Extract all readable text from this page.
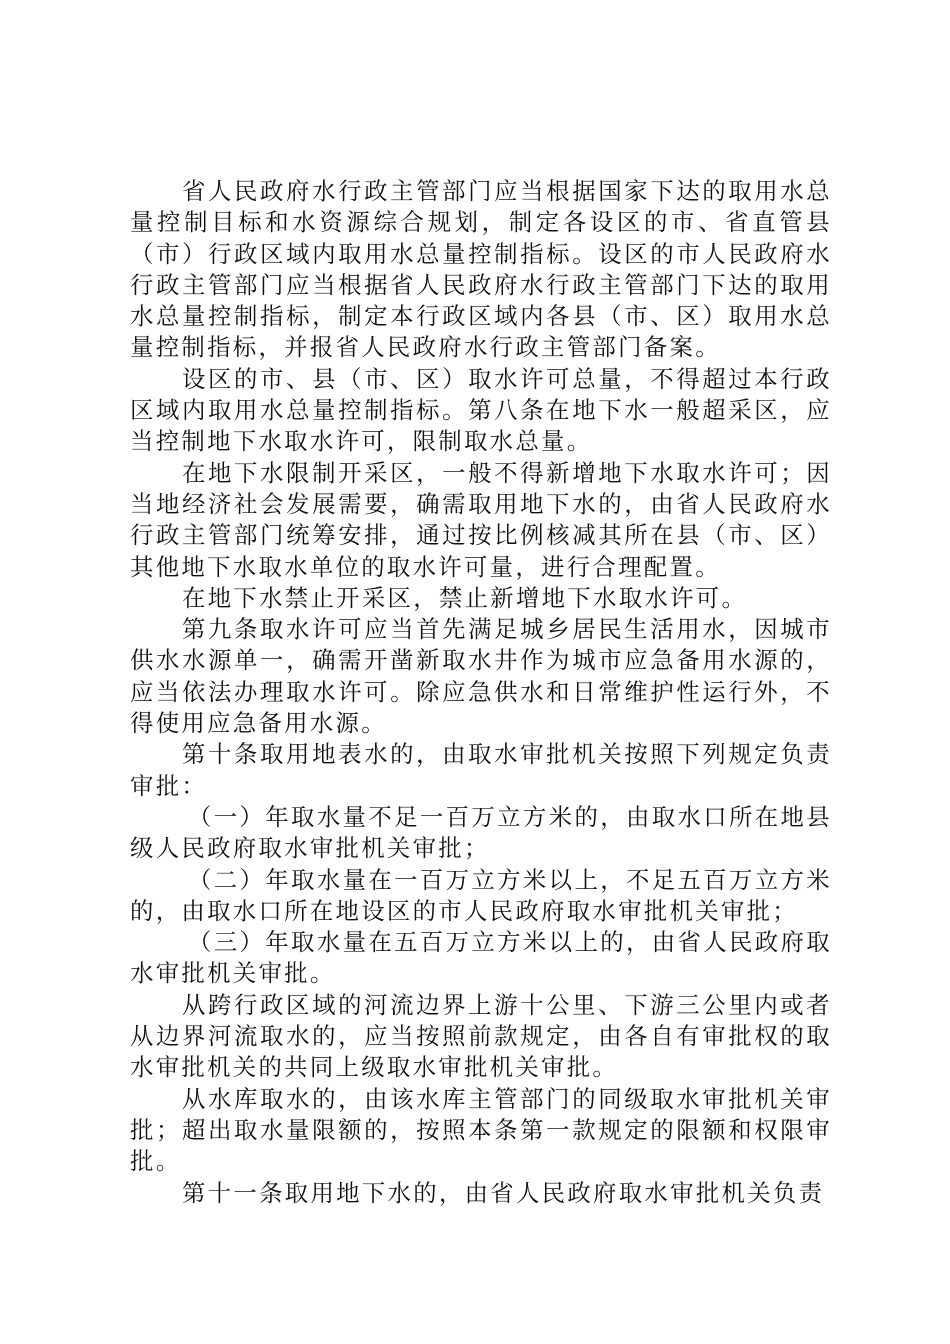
省人民政府水行政主管部门应当根据国家下达的取用水总量控制目标和水资源综合规划，制定各设区的市、省直管县（市）行政区域内取用水总量控制指标。设区的市人民政府水行政主管部门应当根据省人民政府水行政主管部门下达的取用水总量控制指标，制定本行政区域内各县（市、区）取用水总量控制指标，并报省人民政府水行政主管部门备案。

设区的市、县（市、区）取水许可总量，不得超过本行政区域内取用水总量控制指标。第八条在地下水一般超采区，应当控制地下水取水许可，限制取水总量。

在地下水限制开采区，一般不得新增地下水取水许可；因当地经济社会发展需要，确需取用地下水的，由省人民政府水行政主管部门统筹安排，通过按比例核减其所在县（市、区）其他地下水取水单位的取水许可量，进行合理配置。

在地下水禁止开采区，禁止新增地下水取水许可。

第九条取水许可应当首先满足城乡居民生活用水，因城市供水水源单一，确需开凿新取水井作为城市应急备用水源的，应当依法办理取水许可。除应急供水和日常维护性运行外，不得使用应急备用水源。

第十条取用地表水的，由取水审批机关按照下列规定负责审批：

（一）年取水量不足一百万立方米的，由取水口所在地县级人民政府取水审批机关审批；

（二）年取水量在一百万立方米以上，不足五百万立方米的，由取水口所在地设区的市人民政府取水审批机关审批；

（三）年取水量在五百万立方米以上的，由省人民政府取水审批机关审批。

从跨行政区域的河流边界上游十公里、下游三公里内或者从边界河流取水的，应当按照前款规定，由各自有审批权的取水审批机关的共同上级取水审批机关审批。

从水库取水的，由该水库主管部门的同级取水审批机关审批；超出取水量限额的，按照本条第一款规定的限额和权限审批。

第十一条取用地下水的，由省人民政府取水审批机关负责
